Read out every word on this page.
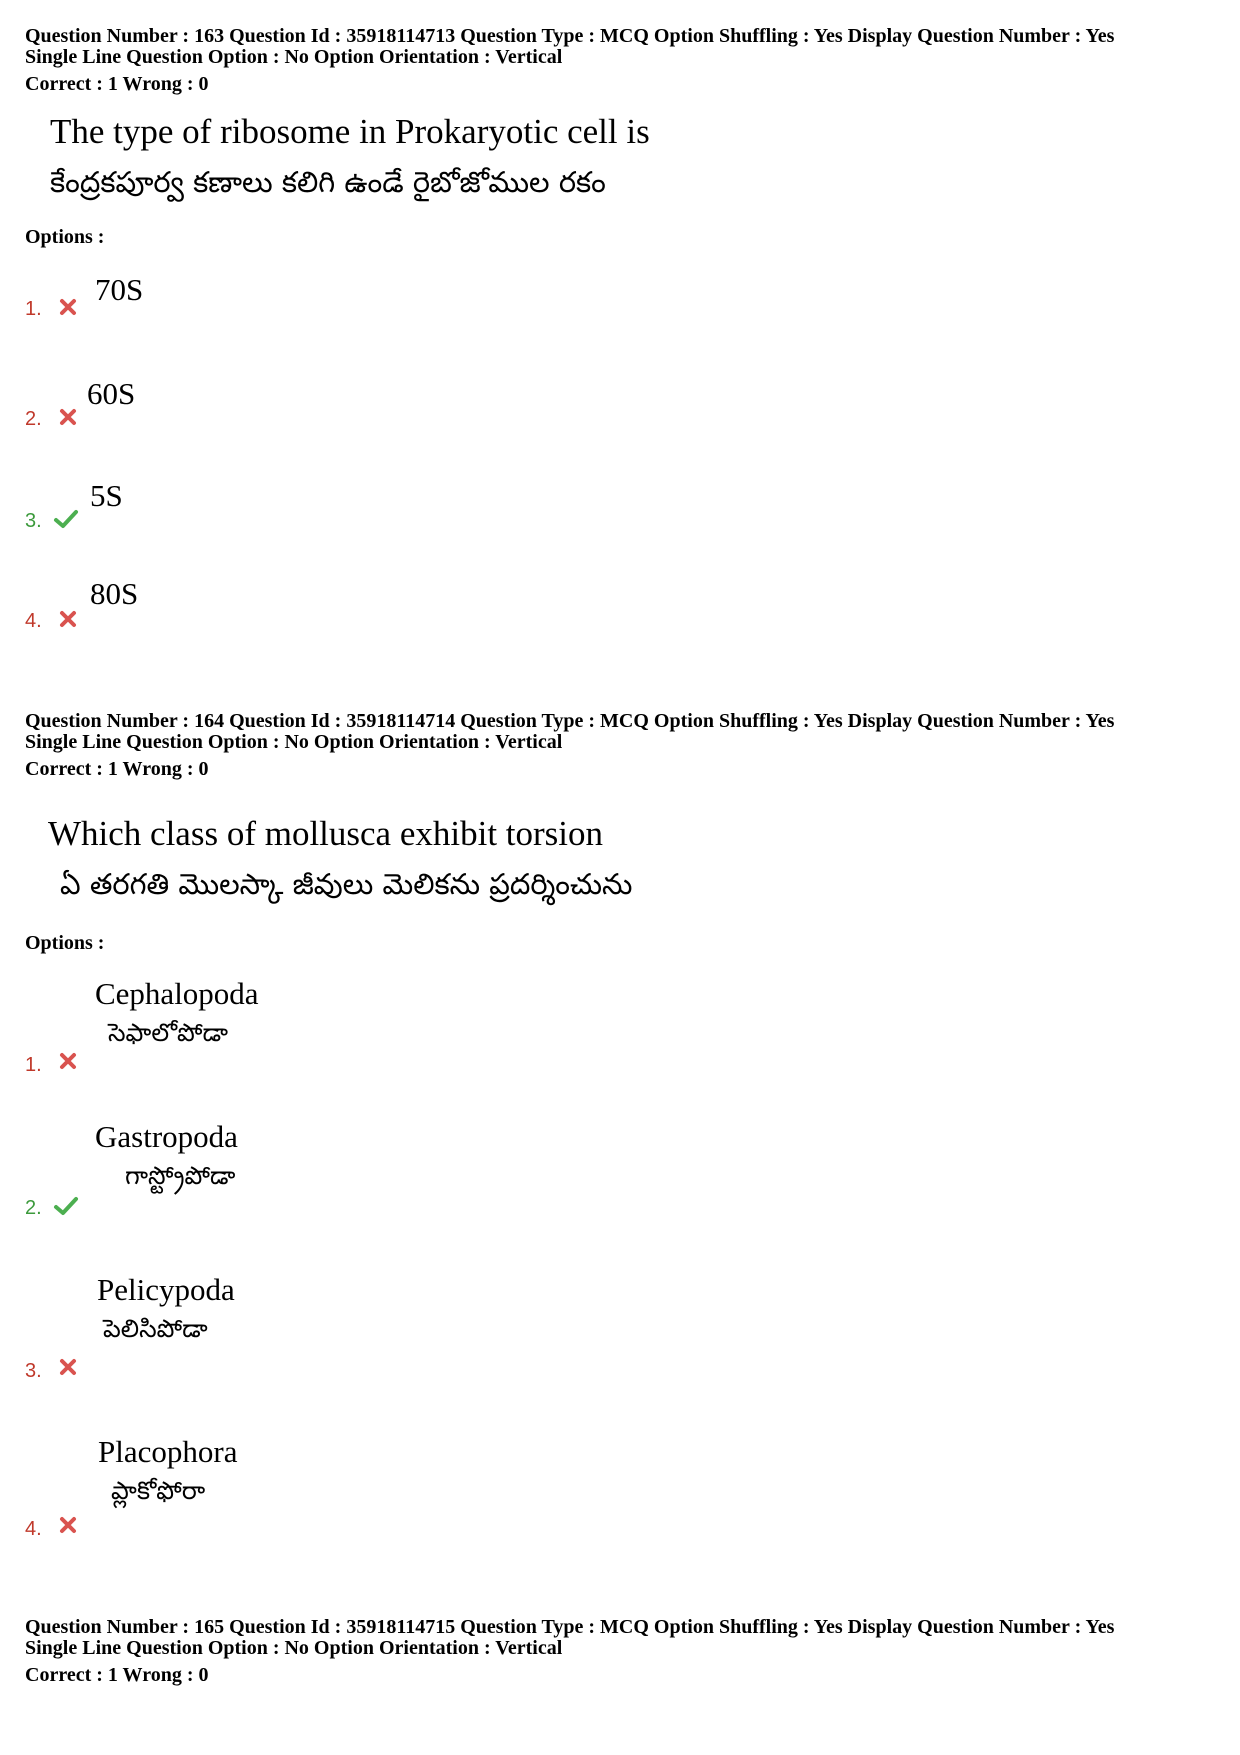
Question Number : 163 Question Id : 35918114713 Question Type : MCQ Option Shuffling : Yes Display Question Number : Yes
Single Line Question Option : No Option Orientation : Vertical
Correct : 1 Wrong : 0
The type of ribosome in Prokaryotic cell is
కేంద్రకపూర్వ కణాలు కలిగి ఉండే రైబోజోముల రకం
Options :
1.
70S
2.
60S
3.
5S
4.
80S
Question Number : 164 Question Id : 35918114714 Question Type : MCQ Option Shuffling : Yes Display Question Number : Yes
Single Line Question Option : No Option Orientation : Vertical
Correct : 1 Wrong : 0
Which class of mollusca exhibit torsion
ఏ తరగతి మొలస్కా జీవులు మెలికను ప్రదర్శించును
Options :
1.
Cephalopoda
సెఫాలోపోడా
2.
Gastropoda
గాస్ట్రోపోడా
3.
Pelicypoda
పెలిసిపోడా
4.
Placophora
ప్లాకోఫోరా
Question Number : 165 Question Id : 35918114715 Question Type : MCQ Option Shuffling : Yes Display Question Number : Yes
Single Line Question Option : No Option Orientation : Vertical
Correct : 1 Wrong : 0
